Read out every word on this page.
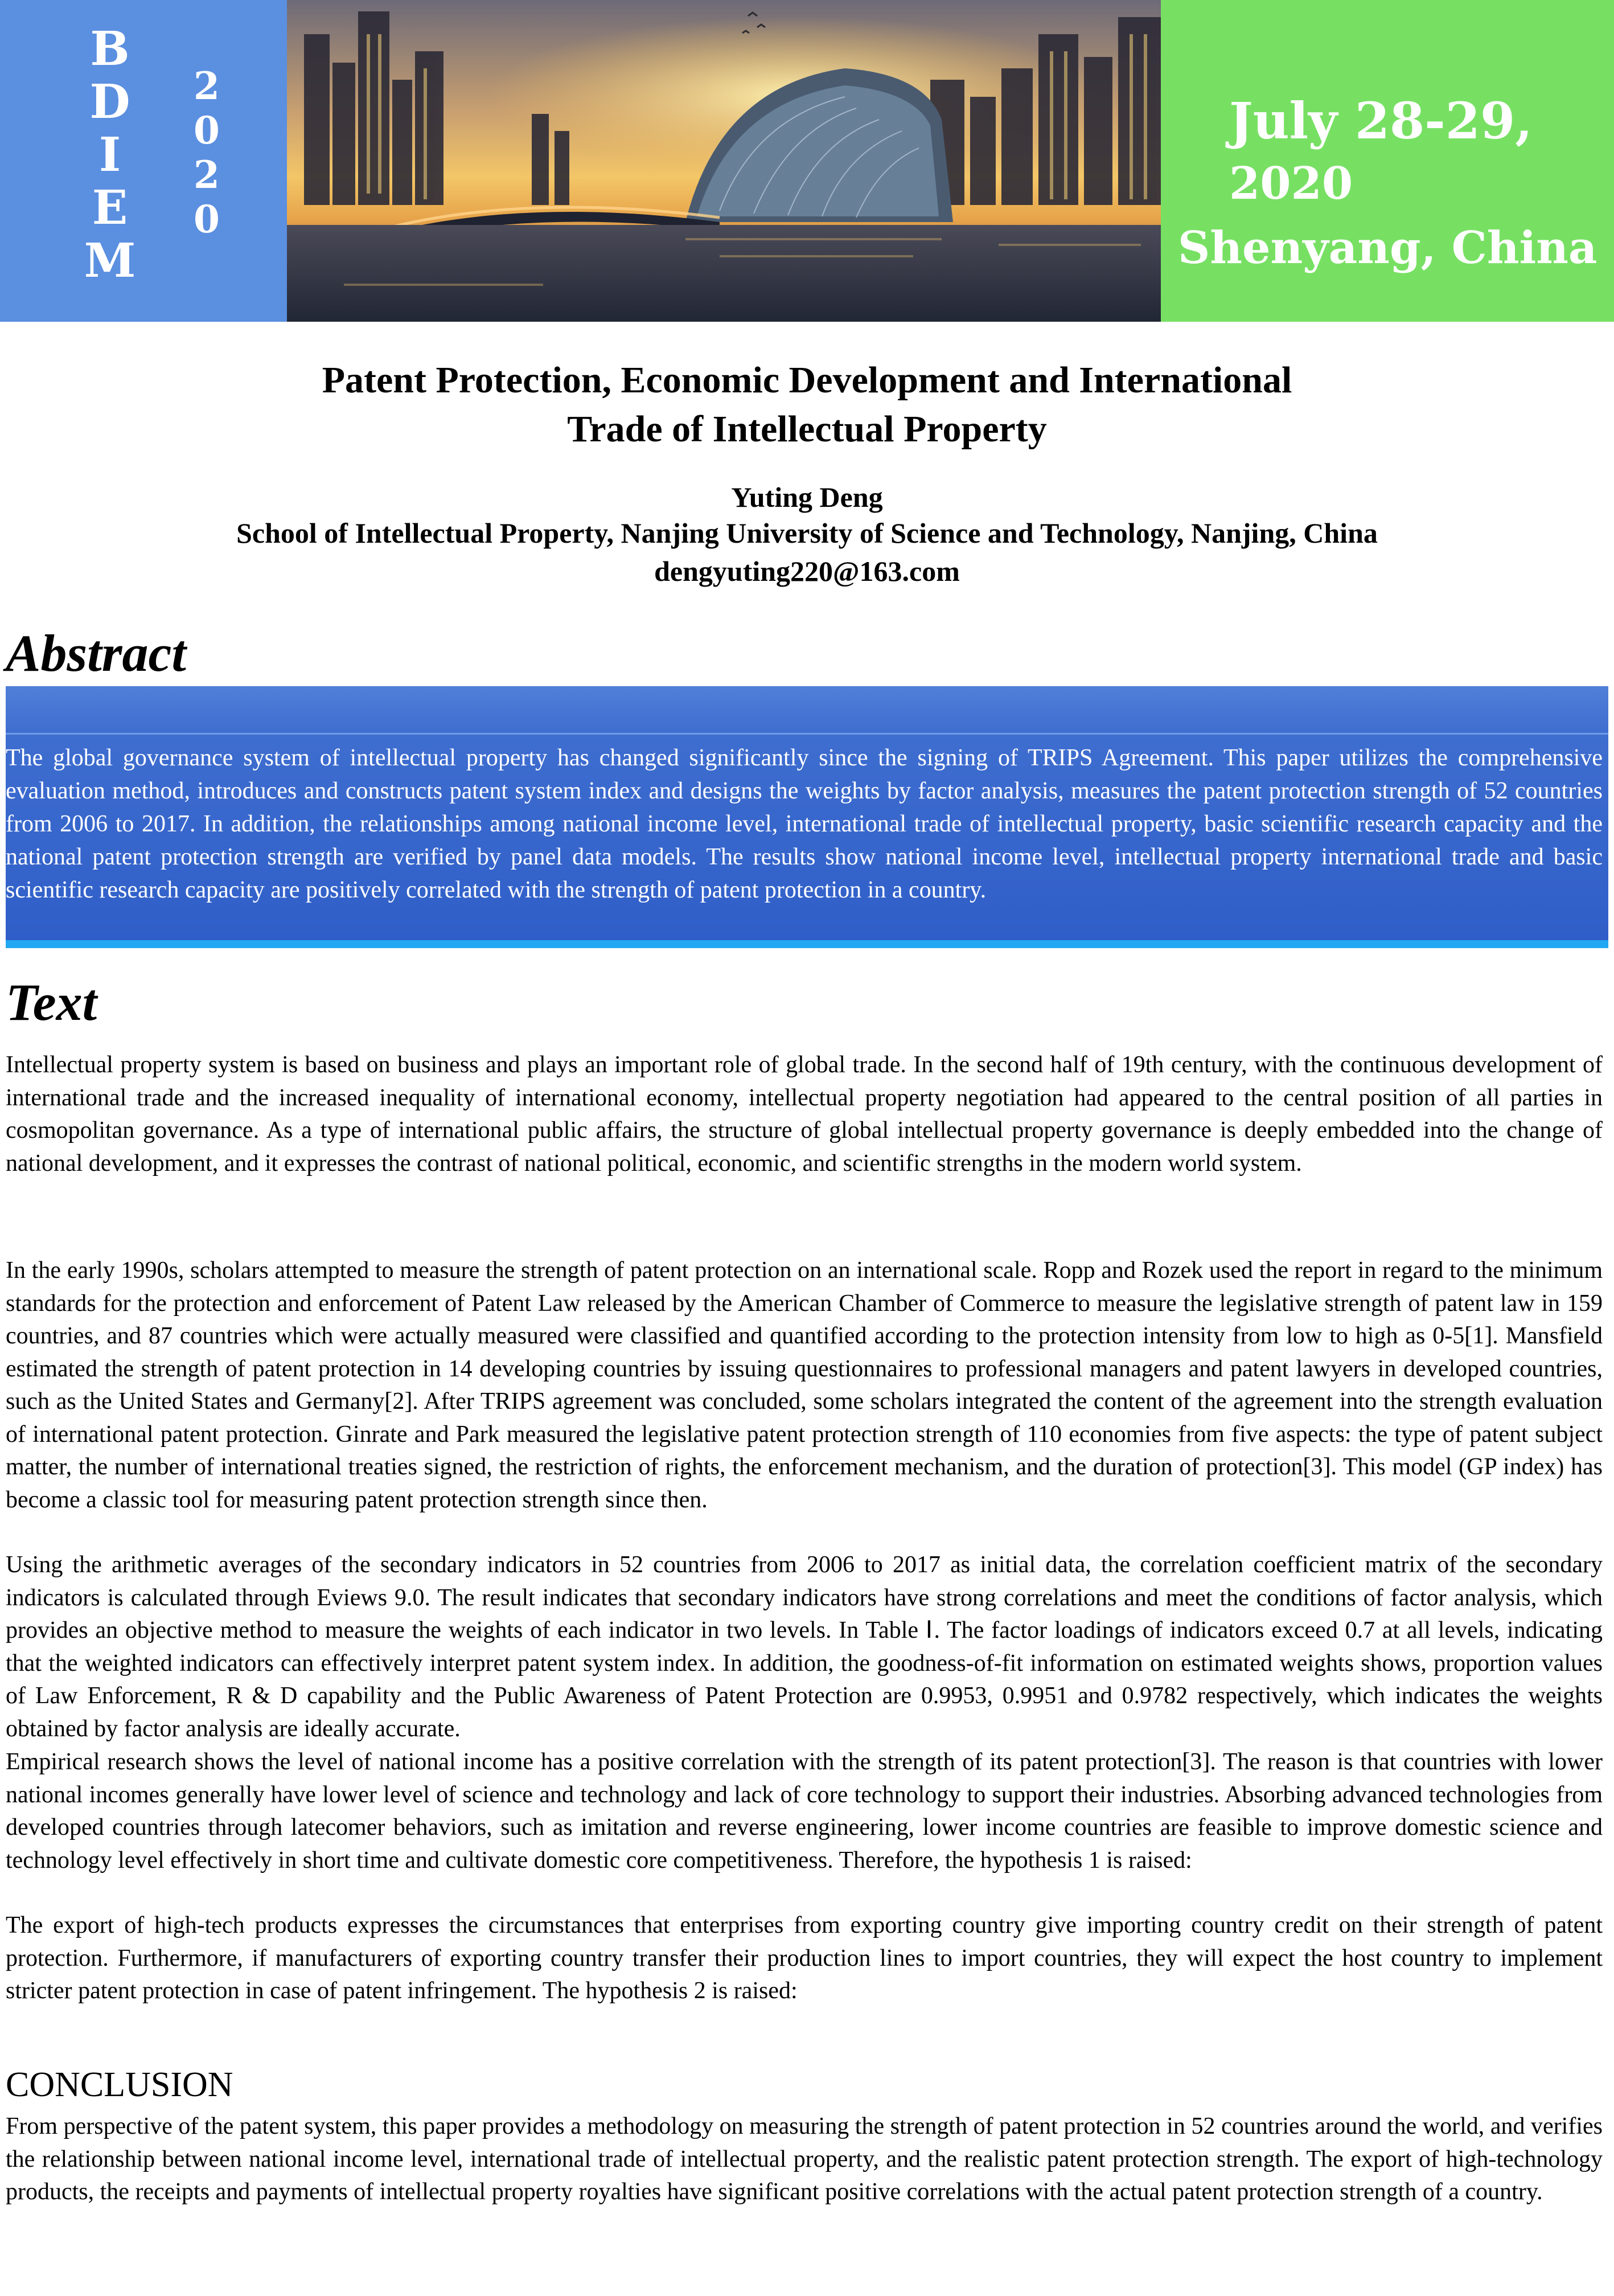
B
D
I
E
M
2
0
2
0
July 28-29,
2020
Shenyang, China
Patent Protection, Economic Development and International
Trade of Intellectual Property
Yuting Deng
School of Intellectual Property, Nanjing University of Science and Technology, Nanjing, China
dengyuting220@163.com
Abstract
The global governance system of intellectual property has changed significantly since the signing of TRIPS Agreement. This paper utilizes the comprehensive evaluation method, introduces and constructs patent system index and designs the weights by factor analysis, measures the patent protection strength of 52 countries from 2006 to 2017. In addition, the relationships among national income level, international trade of intellectual property, basic scientific research capacity and the national patent protection strength are verified by panel data models. The results show national income level, intellectual property international trade and basic scientific research capacity are positively correlated with the strength of patent protection in a country.
Text
Intellectual property system is based on business and plays an important role of global trade. In the second half of 19th century, with the continuous development of international trade and the increased inequality of international economy, intellectual property negotiation had appeared to the central position of all parties in cosmopolitan governance. As a type of international public affairs, the structure of global intellectual property governance is deeply embedded into the change of national development, and it expresses the contrast of national political, economic, and scientific strengths in the modern world system.
In the early 1990s, scholars attempted to measure the strength of patent protection on an international scale. Ropp and Rozek used the report in regard to the minimum standards for the protection and enforcement of Patent Law released by the American Chamber of Commerce to measure the legislative strength of patent law in 159 countries, and 87 countries which were actually measured were classified and quantified according to the protection intensity from low to high as 0-5[1]. Mansfield estimated the strength of patent protection in 14 developing countries by issuing questionnaires to professional managers and patent lawyers in developed countries, such as the United States and Germany[2]. After TRIPS agreement was concluded, some scholars integrated the content of the agreement into the strength evaluation of international patent protection. Ginrate and Park measured the legislative patent protection strength of 110 economies from five aspects: the type of patent subject matter, the number of international treaties signed, the restriction of rights, the enforcement mechanism, and the duration of protection[3]. This model (GP index) has become a classic tool for measuring patent protection strength since then.
Using the arithmetic averages of the secondary indicators in 52 countries from 2006 to 2017 as initial data, the correlation coefficient matrix of the secondary indicators is calculated through Eviews 9.0. The result indicates that secondary indicators have strong correlations and meet the conditions of factor analysis, which provides an objective method to measure the weights of each indicator in two levels. In Table Ⅰ. The factor loadings of indicators exceed 0.7 at all levels, indicating that the weighted indicators can effectively interpret patent system index. In addition, the goodness-of-fit information on estimated weights shows, proportion values of Law Enforcement, R & D capability and the Public Awareness of Patent Protection are 0.9953, 0.9951 and 0.9782 respectively, which indicates the weights obtained by factor analysis are ideally accurate.
Empirical research shows the level of national income has a positive correlation with the strength of its patent protection[3]. The reason is that countries with lower national incomes generally have lower level of science and technology and lack of core technology to support their industries. Absorbing advanced technologies from developed countries through latecomer behaviors, such as imitation and reverse engineering, lower income countries are feasible to improve domestic science and technology level effectively in short time and cultivate domestic core competitiveness. Therefore, the hypothesis 1 is raised:
The export of high-tech products expresses the circumstances that enterprises from exporting country give importing country credit on their strength of patent protection. Furthermore, if manufacturers of exporting country transfer their production lines to import countries, they will expect the host country to implement stricter patent protection in case of patent infringement. The hypothesis 2 is raised:
CONCLUSION
From perspective of the patent system, this paper provides a methodology on measuring the strength of patent protection in 52 countries around the world, and verifies the relationship between national income level, international trade of intellectual property, and the realistic patent protection strength. The export of high-technology products, the receipts and payments of intellectual property royalties have significant positive correlations with the actual patent protection strength of a country.
